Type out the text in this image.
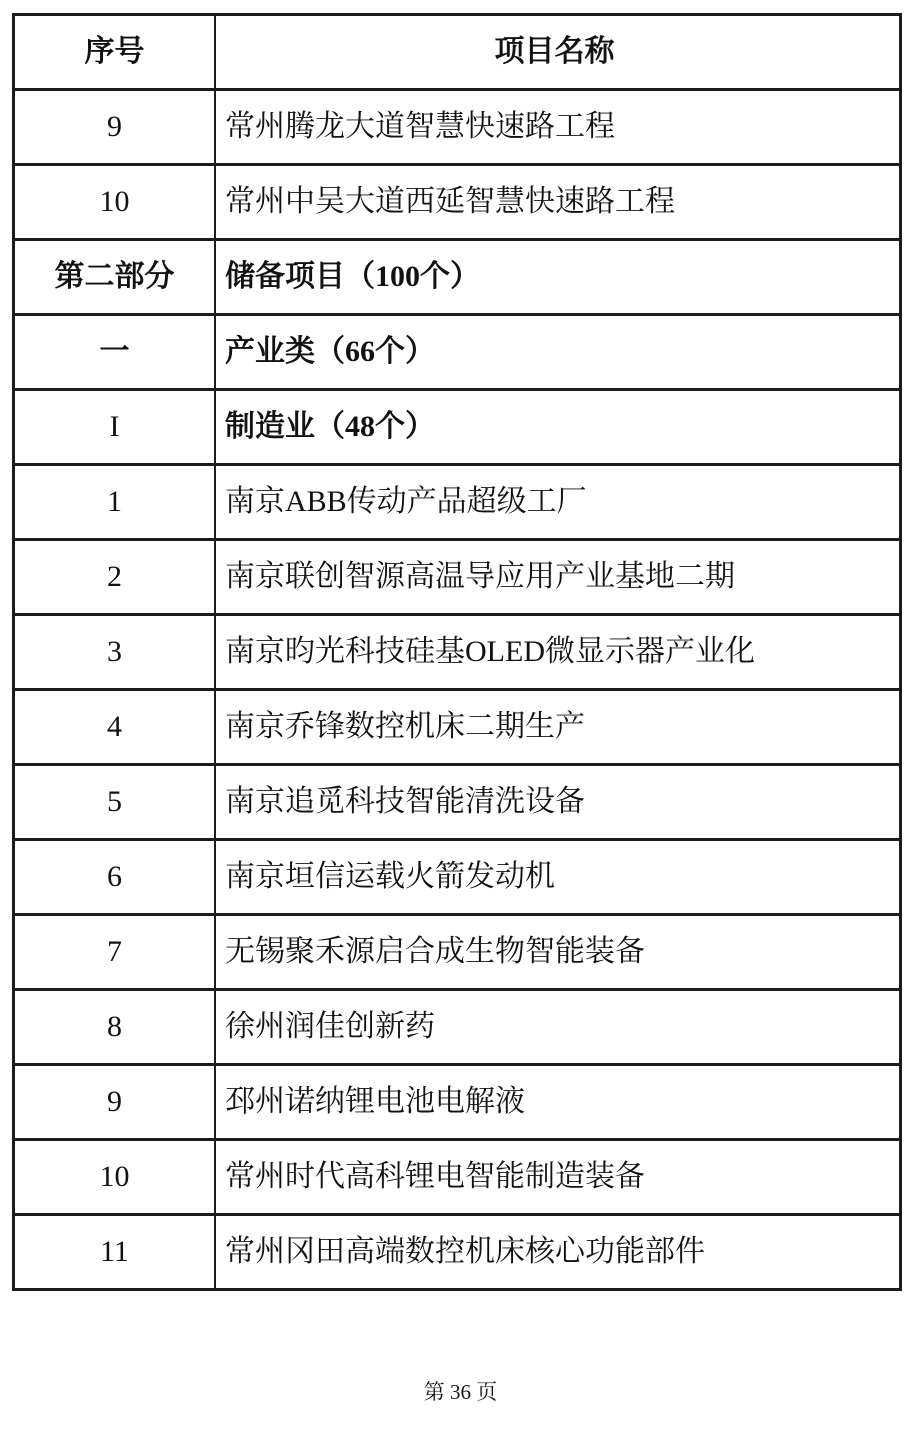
序号	项目名称
9	常州腾龙大道智慧快速路工程
10	常州中吴大道西延智慧快速路工程
第二部分	储备项目（100个）
一	产业类（66个）
I	制造业（48个）
1	南京ABB传动产品超级工厂
2	南京联创智源高温导应用产业基地二期
3	南京昀光科技硅基OLED微显示器产业化
4	南京乔锋数控机床二期生产
5	南京追觅科技智能清洗设备
6	南京垣信运载火箭发动机
7	无锡聚禾源启合成生物智能装备
8	徐州润佳创新药
9	邳州诺纳锂电池电解液
10	常州时代高科锂电智能制造装备
11	常州冈田高端数控机床核心功能部件
第 36 页
